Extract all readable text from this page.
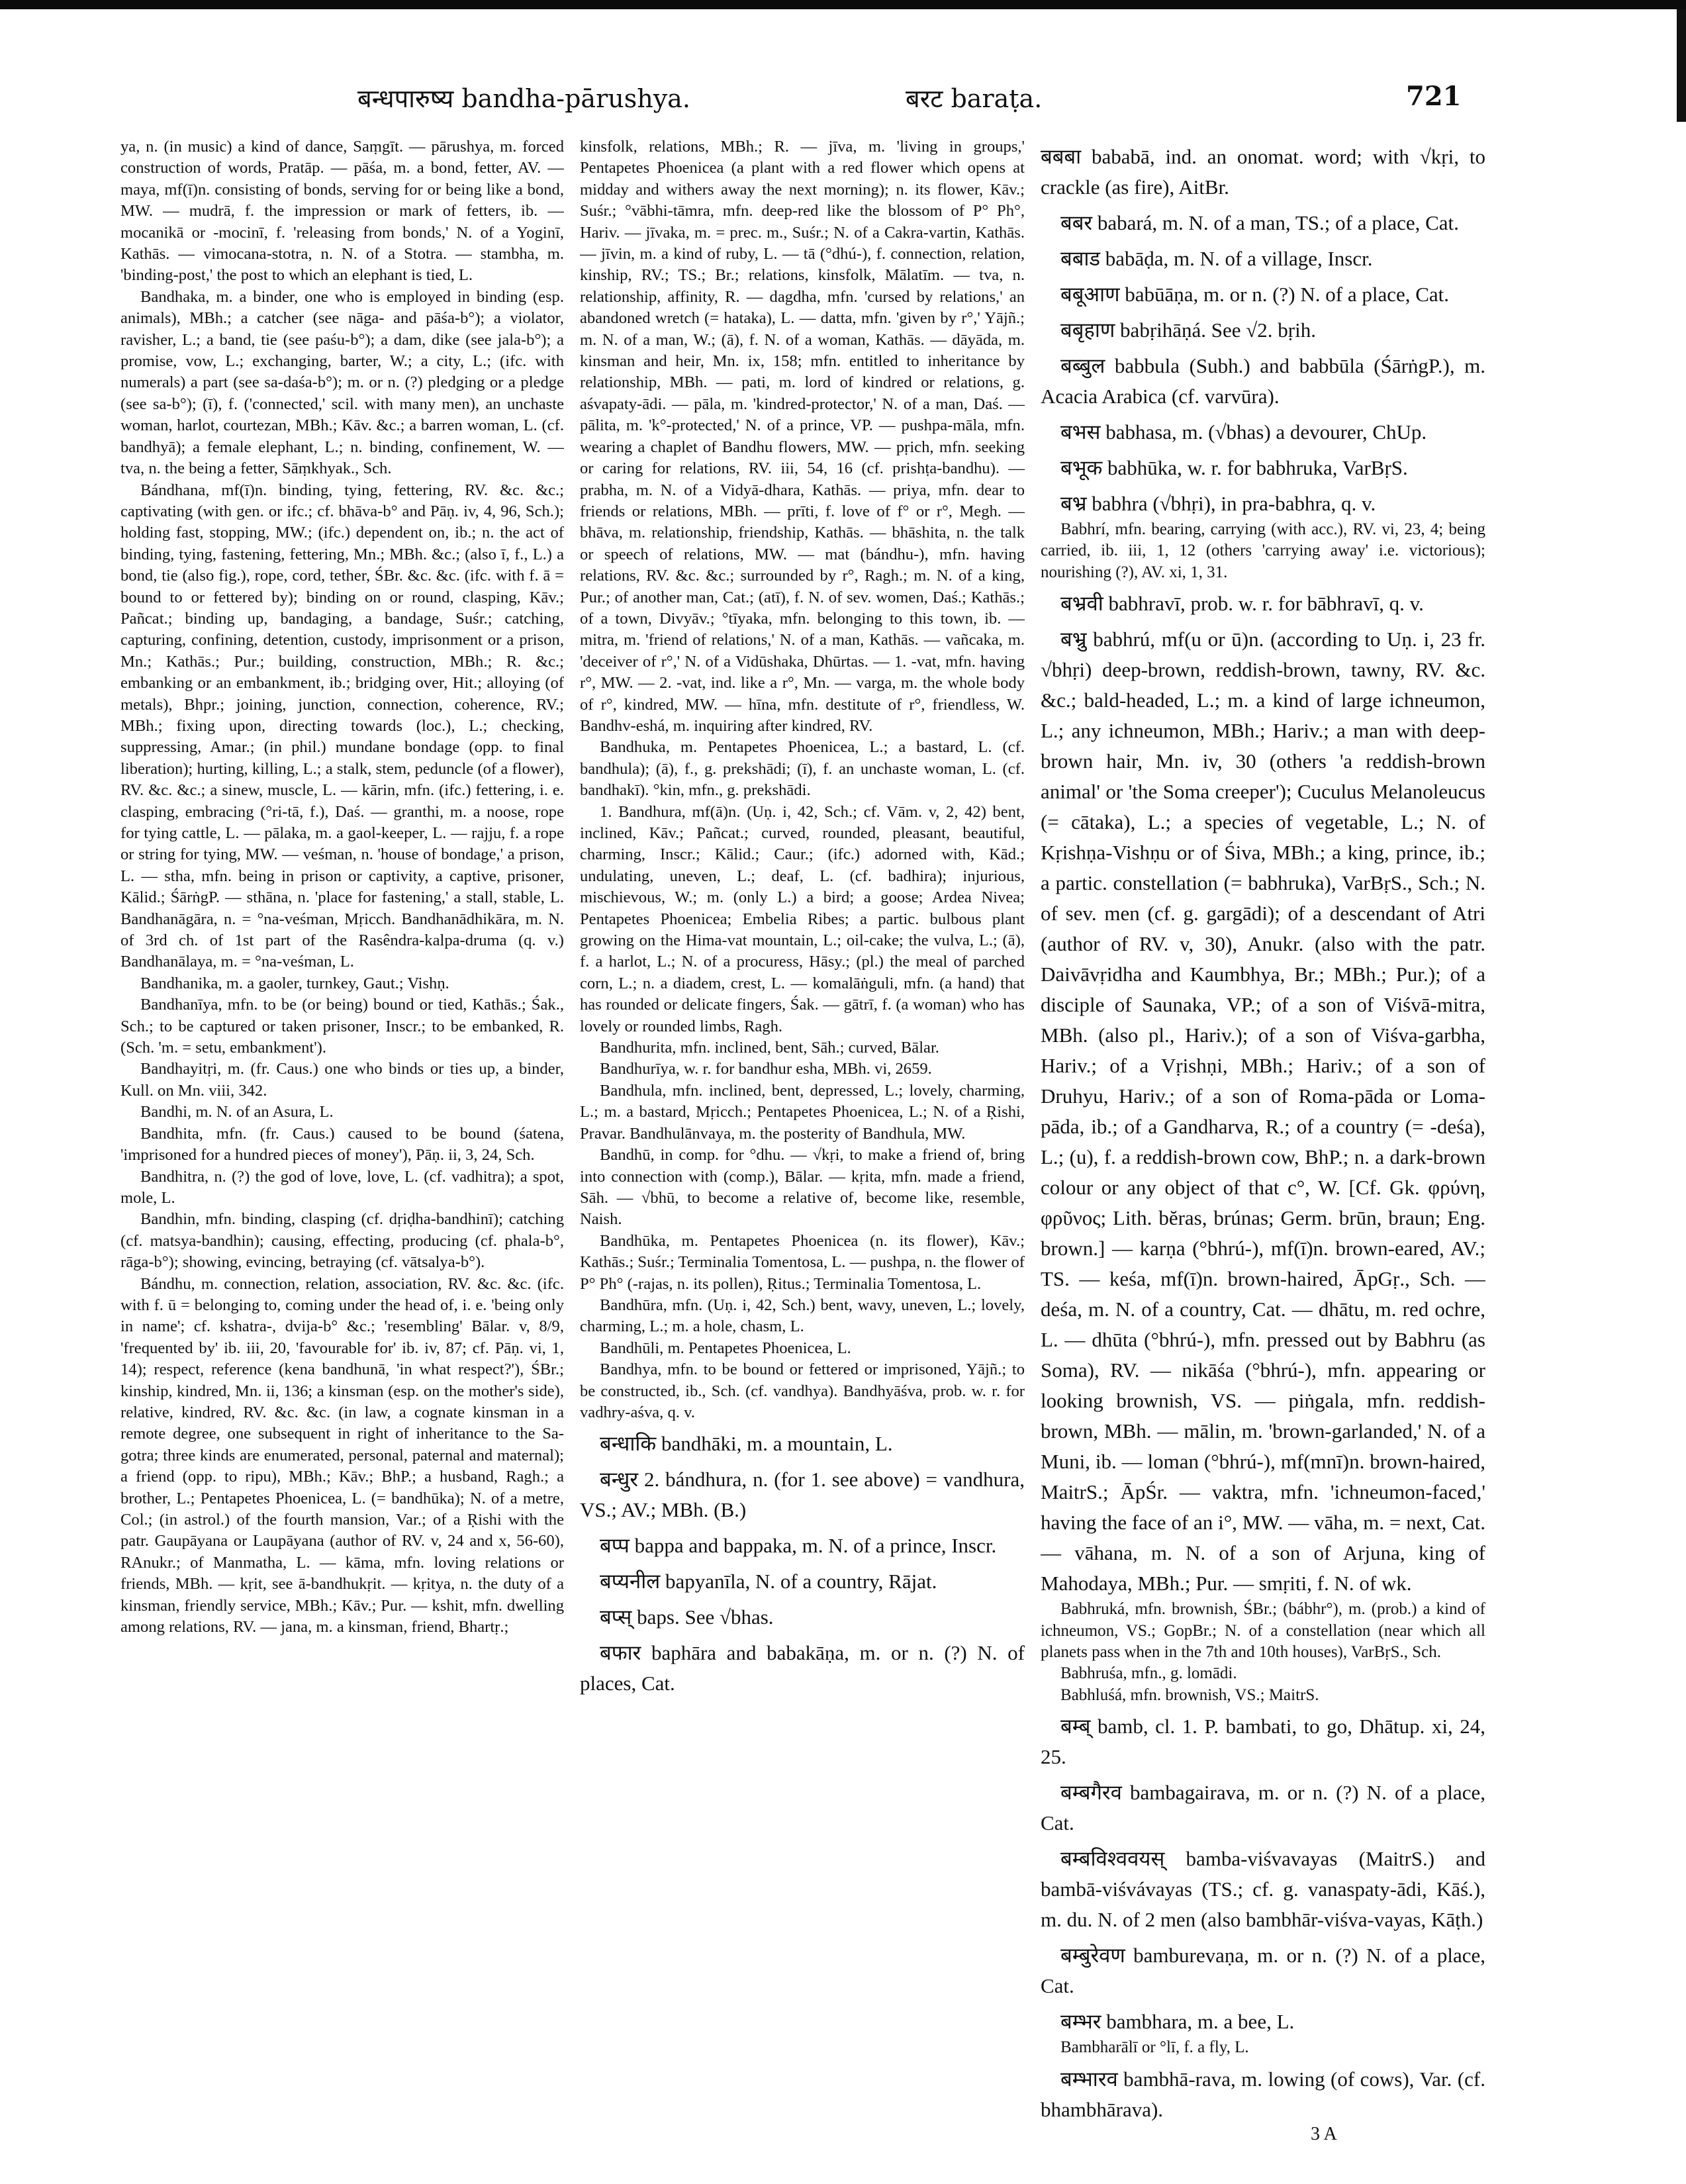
बन्धपारुष्य bandha-pārushya.	बरट baraṭa.	721

ya, n. (in music) a kind of dance, Saṃgīt. — pārushya, m. forced construction of words, Pratāp. — pāśa, m. a bond, fetter, AV. — maya, mf(ī)n. consisting of bonds, serving for or being like a bond, MW. — mudrā, f. the impression or mark of fetters, ib. — mocanikā or -mocinī, f. 'releasing from bonds,' N. of a Yoginī, Kathās. — vimocana-stotra, n. N. of a Stotra. — stambha, m. 'binding-post,' the post to which an elephant is tied, L.

Bandhaka, m. a binder, one who is employed in binding (esp. animals), MBh.; a catcher (see nāga- and pāśa-b°); a violator, ravisher, L.; a band, tie (see paśu-b°); a dam, dike (see jala-b°); a promise, vow, L.; exchanging, barter, W.; a city, L.; (ifc. with numerals) a part (see sa-daśa-b°); m. or n. (?) pledging or a pledge (see sa-b°); (ī), f. ('connected,' scil. with many men), an unchaste woman, harlot, courtezan, MBh.; Kāv. &c.; a barren woman, L. (cf. bandhyā); a female elephant, L.; n. binding, confinement, W. — tva, n. the being a fetter, Sāṃkhyak., Sch.

Bándhana, mf(ī)n. binding, tying, fettering, RV. &c. &c.; captivating (with gen. or ifc.; cf. bhāva-b° and Pāṇ. iv, 4, 96, Sch.); holding fast, stopping, MW.; (ifc.) dependent on, ib.; n. the act of binding, tying, fastening, fettering, Mn.; MBh. &c.; (also ī, f., L.) a bond, tie (also fig.), rope, cord, tether, ŚBr. &c. &c. (ifc. with f. ā = bound to or fettered by); binding on or round, clasping, Kāv.; Pañcat.; binding up, bandaging, a bandage, Suśr.; catching, capturing, confining, detention, custody, imprisonment or a prison, Mn.; Kathās.; Pur.; building, construction, MBh.; R. &c.; embanking or an embankment, ib.; bridging over, Hit.; alloying (of metals), Bhpr.; joining, junction, connection, coherence, RV.; MBh.; fixing upon, directing towards (loc.), L.; checking, suppressing, Amar.; (in phil.) mundane bondage (opp. to final liberation); hurting, killing, L.; a stalk, stem, peduncle (of a flower), RV. &c. &c.; a sinew, muscle, L. — kārin, mfn. (ifc.) fettering, i. e. clasping, embracing (°ri-tā, f.), Daś. — granthi, m. a noose, rope for tying cattle, L. — pālaka, m. a gaol-keeper, L. — rajju, f. a rope or string for tying, MW. — veśman, n. 'house of bondage,' a prison, L. — stha, mfn. being in prison or captivity, a captive, prisoner, Kālid.; ŚārṅgP. — sthāna, n. 'place for fastening,' a stall, stable, L. Bandhanāgāra, n. = °na-veśman, Mṛicch. Bandhanādhikāra, m. N. of 3rd ch. of 1st part of the Rasêndra-kalpa-druma (q. v.) Bandhanālaya, m. = °na-veśman, L.

Bandhanika, m. a gaoler, turnkey, Gaut.; Vishṇ.

Bandhanīya, mfn. to be (or being) bound or tied, Kathās.; Śak., Sch.; to be captured or taken prisoner, Inscr.; to be embanked, R. (Sch. 'm. = setu, embankment').

Bandhayitṛi, m. (fr. Caus.) one who binds or ties up, a binder, Kull. on Mn. viii, 342.

Bandhi, m. N. of an Asura, L.

Bandhita, mfn. (fr. Caus.) caused to be bound (śatena, 'imprisoned for a hundred pieces of money'), Pāṇ. ii, 3, 24, Sch.

Bandhitra, n. (?) the god of love, love, L. (cf. vadhitra); a spot, mole, L.

Bandhin, mfn. binding, clasping (cf. dṛiḍha-bandhinī); catching (cf. matsya-bandhin); causing, effecting, producing (cf. phala-b°, rāga-b°); showing, evincing, betraying (cf. vātsalya-b°).

Bándhu, m. connection, relation, association, RV. &c. &c. (ifc. with f. ū = belonging to, coming under the head of, i. e. 'being only in name'; cf. kshatra-, dvija-b° &c.; 'resembling' Bālar. v, 8/9, 'frequented by' ib. iii, 20, 'favourable for' ib. iv, 87; cf. Pāṇ. vi, 1, 14); respect, reference (kena bandhunā, 'in what respect?'), ŚBr.; kinship, kindred, Mn. ii, 136; a kinsman (esp. on the mother's side), relative, kindred, RV. &c. &c. (in law, a cognate kinsman in a remote degree, one subsequent in right of inheritance to the Sa-gotra; three kinds are enumerated, personal, paternal and maternal); a friend (opp. to ripu), MBh.; Kāv.; BhP.; a husband, Ragh.; a brother, L.; Pentapetes Phoenicea, L. (= bandhūka); N. of a metre, Col.; (in astrol.) of the fourth mansion, Var.; of a Ṛishi with the patr. Gaupāyana or Laupāyana (author of RV. v, 24 and x, 56-60), RAnukr.; of Manmatha, L. — kāma, mfn. loving relations or friends, MBh. — kṛit, see ā-bandhukṛit. — kṛitya, n. the duty of a kinsman, friendly service, MBh.; Kāv.; Pur. — kshit, mfn. dwelling among relations, RV. — jana, m. a kinsman, friend, Bhartṛ.;

kinsfolk, relations, MBh.; R. — jīva, m. 'living in groups,' Pentapetes Phoenicea (a plant with a red flower which opens at midday and withers away the next morning); n. its flower, Kāv.; Suśr.; °vābhi-tāmra, mfn. deep-red like the blossom of P° Ph°, Hariv. — jīvaka, m. = prec. m., Suśr.; N. of a Cakra-vartin, Kathās. — jīvin, m. a kind of ruby, L. — tā (°dhú-), f. connection, relation, kinship, RV.; TS.; Br.; relations, kinsfolk, Mālatīm. — tva, n. relationship, affinity, R. — dagdha, mfn. 'cursed by relations,' an abandoned wretch (= hataka), L. — datta, mfn. 'given by r°,' Yājñ.; m. N. of a man, W.; (ā), f. N. of a woman, Kathās. — dāyāda, m. kinsman and heir, Mn. ix, 158; mfn. entitled to inheritance by relationship, MBh. — pati, m. lord of kindred or relations, g. aśvapaty-ādi. — pāla, m. 'kindred-protector,' N. of a man, Daś. — pālita, m. 'k°-protected,' N. of a prince, VP. — pushpa-māla, mfn. wearing a chaplet of Bandhu flowers, MW. — pṛich, mfn. seeking or caring for relations, RV. iii, 54, 16 (cf. prishṭa-bandhu). — prabha, m. N. of a Vidyā-dhara, Kathās. — priya, mfn. dear to friends or relations, MBh. — prīti, f. love of f° or r°, Megh. — bhāva, m. relationship, friendship, Kathās. — bhāshita, n. the talk or speech of relations, MW. — mat (bándhu-), mfn. having relations, RV. &c. &c.; surrounded by r°, Ragh.; m. N. of a king, Pur.; of another man, Cat.; (atī), f. N. of sev. women, Daś.; Kathās.; of a town, Divyāv.; °tīyaka, mfn. belonging to this town, ib. — mitra, m. 'friend of relations,' N. of a man, Kathās. — vañcaka, m. 'deceiver of r°,' N. of a Vidūshaka, Dhūrtas. — 1. -vat, mfn. having r°, MW. — 2. -vat, ind. like a r°, Mn. — varga, m. the whole body of r°, kindred, MW. — hīna, mfn. destitute of r°, friendless, W. Bandhv-eshá, m. inquiring after kindred, RV.

Bandhuka, m. Pentapetes Phoenicea, L.; a bastard, L. (cf. bandhula); (ā), f., g. prekshādi; (ī), f. an unchaste woman, L. (cf. bandhakī). °kin, mfn., g. prekshādi.

1. Bandhura, mf(ā)n. (Uṇ. i, 42, Sch.; cf. Vām. v, 2, 42) bent, inclined, Kāv.; Pañcat.; curved, rounded, pleasant, beautiful, charming, Inscr.; Kālid.; Caur.; (ifc.) adorned with, Kād.; undulating, uneven, L.; deaf, L. (cf. badhira); injurious, mischievous, W.; m. (only L.) a bird; a goose; Ardea Nivea; Pentapetes Phoenicea; Embelia Ribes; a partic. bulbous plant growing on the Hima-vat mountain, L.; oil-cake; the vulva, L.; (ā), f. a harlot, L.; N. of a procuress, Hāsy.; (pl.) the meal of parched corn, L.; n. a diadem, crest, L. — komalāṅguli, mfn. (a hand) that has rounded or delicate fingers, Śak. — gātrī, f. (a woman) who has lovely or rounded limbs, Ragh.

Bandhurita, mfn. inclined, bent, Sāh.; curved, Bālar.

Bandhurīya, w. r. for bandhur esha, MBh. vi, 2659.

Bandhula, mfn. inclined, bent, depressed, L.; lovely, charming, L.; m. a bastard, Mṛicch.; Pentapetes Phoenicea, L.; N. of a Ṛishi, Pravar. Bandhulānvaya, m. the posterity of Bandhula, MW.

Bandhū, in comp. for °dhu. — √kṛi, to make a friend of, bring into connection with (comp.), Bālar. — kṛita, mfn. made a friend, Sāh. — √bhū, to become a relative of, become like, resemble, Naish.

Bandhūka, m. Pentapetes Phoenicea (n. its flower), Kāv.; Kathās.; Suśr.; Terminalia Tomentosa, L. — pushpa, n. the flower of P° Ph° (-rajas, n. its pollen), Ṛitus.; Terminalia Tomentosa, L.

Bandhūra, mfn. (Uṇ. i, 42, Sch.) bent, wavy, uneven, L.; lovely, charming, L.; m. a hole, chasm, L.

Bandhūli, m. Pentapetes Phoenicea, L.

Bandhya, mfn. to be bound or fettered or imprisoned, Yājñ.; to be constructed, ib., Sch. (cf. vandhya). Bandhyāśva, prob. w. r. for vadhry-aśva, q. v.

बन्धाकि bandhāki, m. a mountain, L.

बन्धुर 2. bándhura, n. (for 1. see above) = vandhura, VS.; AV.; MBh. (B.)

बप्प bappa and bappaka, m. N. of a prince, Inscr.

बप्यनील bapyanīla, N. of a country, Rājat.

बप्स् baps. See √bhas.

बफार baphāra and babakāṇa, m. or n. (?) N. of places, Cat.

बबबा bababā, ind. an onomat. word; with √kṛi, to crackle (as fire), AitBr.

बबर babará, m. N. of a man, TS.; of a place, Cat.

बबाड babāḍa, m. N. of a village, Inscr.

बबूआण babūāṇa, m. or n. (?) N. of a place, Cat.

बबृहाण babṛihāṇá. See √2. bṛih.

बब्बुल babbula (Subh.) and babbūla (ŚārṅgP.), m. Acacia Arabica (cf. varvūra).

बभस babhasa, m. (√bhas) a devourer, ChUp.

बभूक babhūka, w. r. for babhruka, VarBṛS.

बभ्र babhra (√bhṛi), in pra-babhra, q. v.

Babhrí, mfn. bearing, carrying (with acc.), RV. vi, 23, 4; being carried, ib. iii, 1, 12 (others 'carrying away' i.e. victorious); nourishing (?), AV. xi, 1, 31.

बभ्रवी babhravī, prob. w. r. for bābhravī, q. v.

बभ्रु babhrú, mf(u or ū)n. (according to Uṇ. i, 23 fr. √bhṛi) deep-brown, reddish-brown, tawny, RV. &c. &c.; bald-headed, L.; m. a kind of large ichneumon, L.; any ichneumon, MBh.; Hariv.; a man with deep-brown hair, Mn. iv, 30 (others 'a reddish-brown animal' or 'the Soma creeper'); Cuculus Melanoleucus (= cātaka), L.; a species of vegetable, L.; N. of Kṛishṇa-Vishṇu or of Śiva, MBh.; a king, prince, ib.; a partic. constellation (= babhruka), VarBṛS., Sch.; N. of sev. men (cf. g. gargādi); of a descendant of Atri (author of RV. v, 30), Anukr. (also with the patr. Daivāvṛidha and Kaumbhya, Br.; MBh.; Pur.); of a disciple of Saunaka, VP.; of a son of Viśvā-mitra, MBh. (also pl., Hariv.); of a son of Viśva-garbha, Hariv.; of a Vṛishṇi, MBh.; Hariv.; of a son of Druhyu, Hariv.; of a son of Roma-pāda or Loma-pāda, ib.; of a Gandharva, R.; of a country (= -deśa), L.; (u), f. a reddish-brown cow, BhP.; n. a dark-brown colour or any object of that c°, W. [Cf. Gk. φρύνη, φρῦνος; Lith. bĕras, brúnas; Germ. brūn, braun; Eng. brown.] — karṇa (°bhrú-), mf(ī)n. brown-eared, AV.; TS. — keśa, mf(ī)n. brown-haired, ĀpGṛ., Sch. — deśa, m. N. of a country, Cat. — dhātu, m. red ochre, L. — dhūta (°bhrú-), mfn. pressed out by Babhru (as Soma), RV. — nikāśa (°bhrú-), mfn. appearing or looking brownish, VS. — piṅgala, mfn. reddish-brown, MBh. — mālin, m. 'brown-garlanded,' N. of a Muni, ib. — loman (°bhrú-), mf(mnī)n. brown-haired, MaitrS.; ĀpŚr. — vaktra, mfn. 'ichneumon-faced,' having the face of an i°, MW. — vāha, m. = next, Cat. — vāhana, m. N. of a son of Arjuna, king of Mahodaya, MBh.; Pur. — smṛiti, f. N. of wk.

Babhruká, mfn. brownish, ŚBr.; (bábhr°), m. (prob.) a kind of ichneumon, VS.; GopBr.; N. of a constellation (near which all planets pass when in the 7th and 10th houses), VarBṛS., Sch.

Babhruśa, mfn., g. lomādi.

Babhluśá, mfn. brownish, VS.; MaitrS.

बम्ब् bamb, cl. 1. P. bambati, to go, Dhātup. xi, 24, 25.

बम्बगैरव bambagairava, m. or n. (?) N. of a place, Cat.

बम्बविश्ववयस् bamba-viśvavayas (MaitrS.) and bambā-viśvávayas (TS.; cf. g. vanaspaty-ādi, Kāś.), m. du. N. of 2 men (also bambhār-viśva-vayas, Kāṭh.)

बम्बुरेवण bamburevaṇa, m. or n. (?) N. of a place, Cat.

बम्भर bambhara, m. a bee, L.

Bambharālī or °lī, f. a fly, L.

बम्भारव bambhā-rava, m. lowing (of cows), Var. (cf. bhambhārava).

3 A
